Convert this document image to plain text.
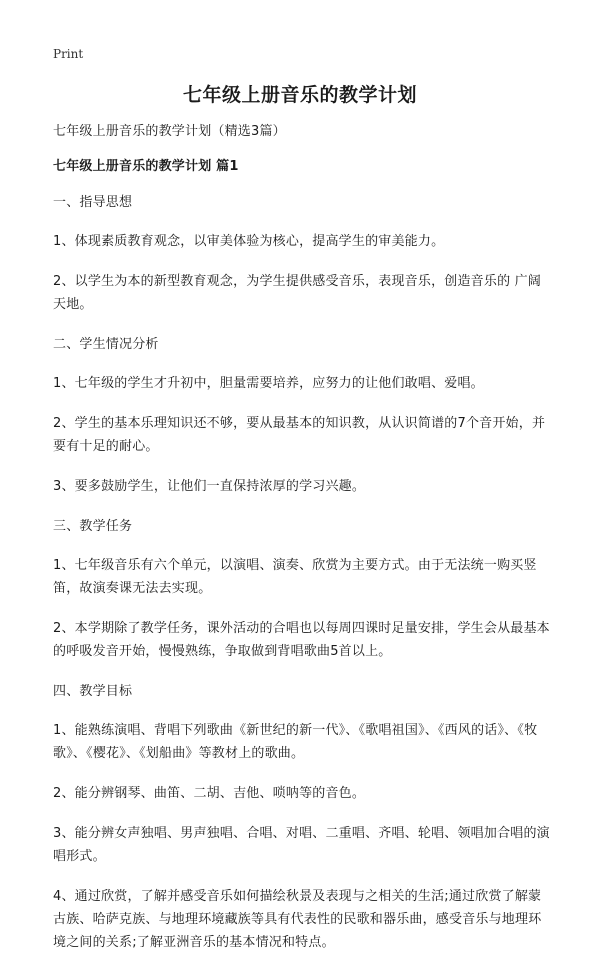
Print
七年级上册音乐的教学计划
七年级上册音乐的教学计划（精选3篇）
七年级上册音乐的教学计划 篇1
一、指导思想
1、体现素质教育观念，以审美体验为核心，提高学生的审美能力。
2、以学生为本的新型教育观念，为学生提供感受音乐，表现音乐，创造音乐的 广阔天地。
二、学生情况分析
1、七年级的学生才升初中，胆量需要培养，应努力的让他们敢唱、爱唱。
2、学生的基本乐理知识还不够，要从最基本的知识教，从认识简谱的7个音开始，并要有十足的耐心。
3、要多鼓励学生，让他们一直保持浓厚的学习兴趣。
三、教学任务
1、七年级音乐有六个单元，以演唱、演奏、欣赏为主要方式。由于无法统一购买竖笛，故演奏课无法去实现。
2、本学期除了教学任务，课外活动的合唱也以每周四课时足量安排，学生会从最基本的呼吸发音开始，慢慢熟练，争取做到背唱歌曲5首以上。
四、教学目标
1、能熟练演唱、背唱下列歌曲《新世纪的新一代》、《歌唱祖国》、《西风的话》、《牧歌》、《樱花》、《划船曲》等教材上的歌曲。
2、能分辨钢琴、曲笛、二胡、吉他、唢呐等的音色。
3、能分辨女声独唱、男声独唱、合唱、对唱、二重唱、齐唱、轮唱、领唱加合唱的演唱形式。
4、通过欣赏，了解并感受音乐如何描绘秋景及表现与之相关的生活;通过欣赏了解蒙古族、哈萨克族、与地理环境藏族等具有代表性的民歌和器乐曲，感受音乐与地理环境之间的关系;了解亚洲音乐的基本情况和特点。
